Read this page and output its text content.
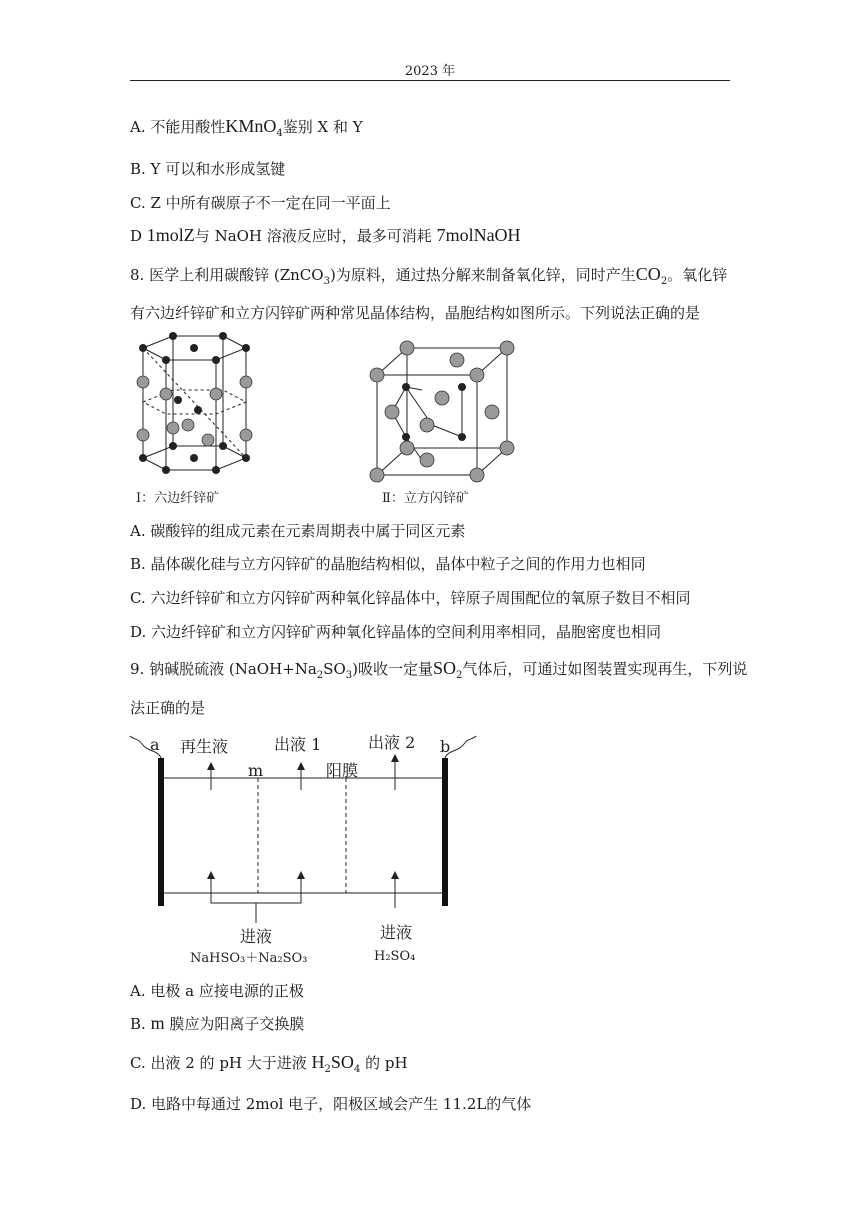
2023 年
A. 不能用酸性KMnO$_4$鉴别 X 和 Y
B. Y 可以和水形成氢键
C. Z 中所有碳原子不一定在同一平面上
D 1molZ与 NaOH 溶液反应时，最多可消耗 7molNaOH
8. 医学上利用碳酸锌 (ZnCO$_3$)为原料，通过热分解来制备氧化锌，同时产生$CO_2$。氧化锌
有六边纤锌矿和立方闪锌矿两种常见晶体结构，晶胞结构如图所示。下列说法正确的是
Ⅰ：六边纤锌矿	Ⅱ：立方闪锌矿
A. 碳酸锌的组成元素在元素周期表中属于同区元素
B. 晶体碳化硅与立方闪锌矿的晶胞结构相似，晶体中粒子之间的作用力也相同
C. 六边纤锌矿和立方闪锌矿两种氧化锌晶体中，锌原子周围配位的氧原子数目不相同
D. 六边纤锌矿和立方闪锌矿两种氧化锌晶体的空间利用率相同，晶胞密度也相同
9. 钠碱脱硫液 $(NaOH+Na_2SO_3)$吸收一定量$SO_2$气体后，可通过如图装置实现再生，下列说
法正确的是
a	b
再生液	出液 1	出液 2
m	阳膜
进液	进液
NaHSO₃＋Na₂SO₃	H₂SO₄
A. 电极 a 应接电源的正极
B. m 膜应为阳离子交换膜
C. 出液 2 的 pH 大于进液 $H_2SO_4$ 的 pH
D. 电路中每通过 2mol 电子，阳极区域会产生 11.2L的气体
